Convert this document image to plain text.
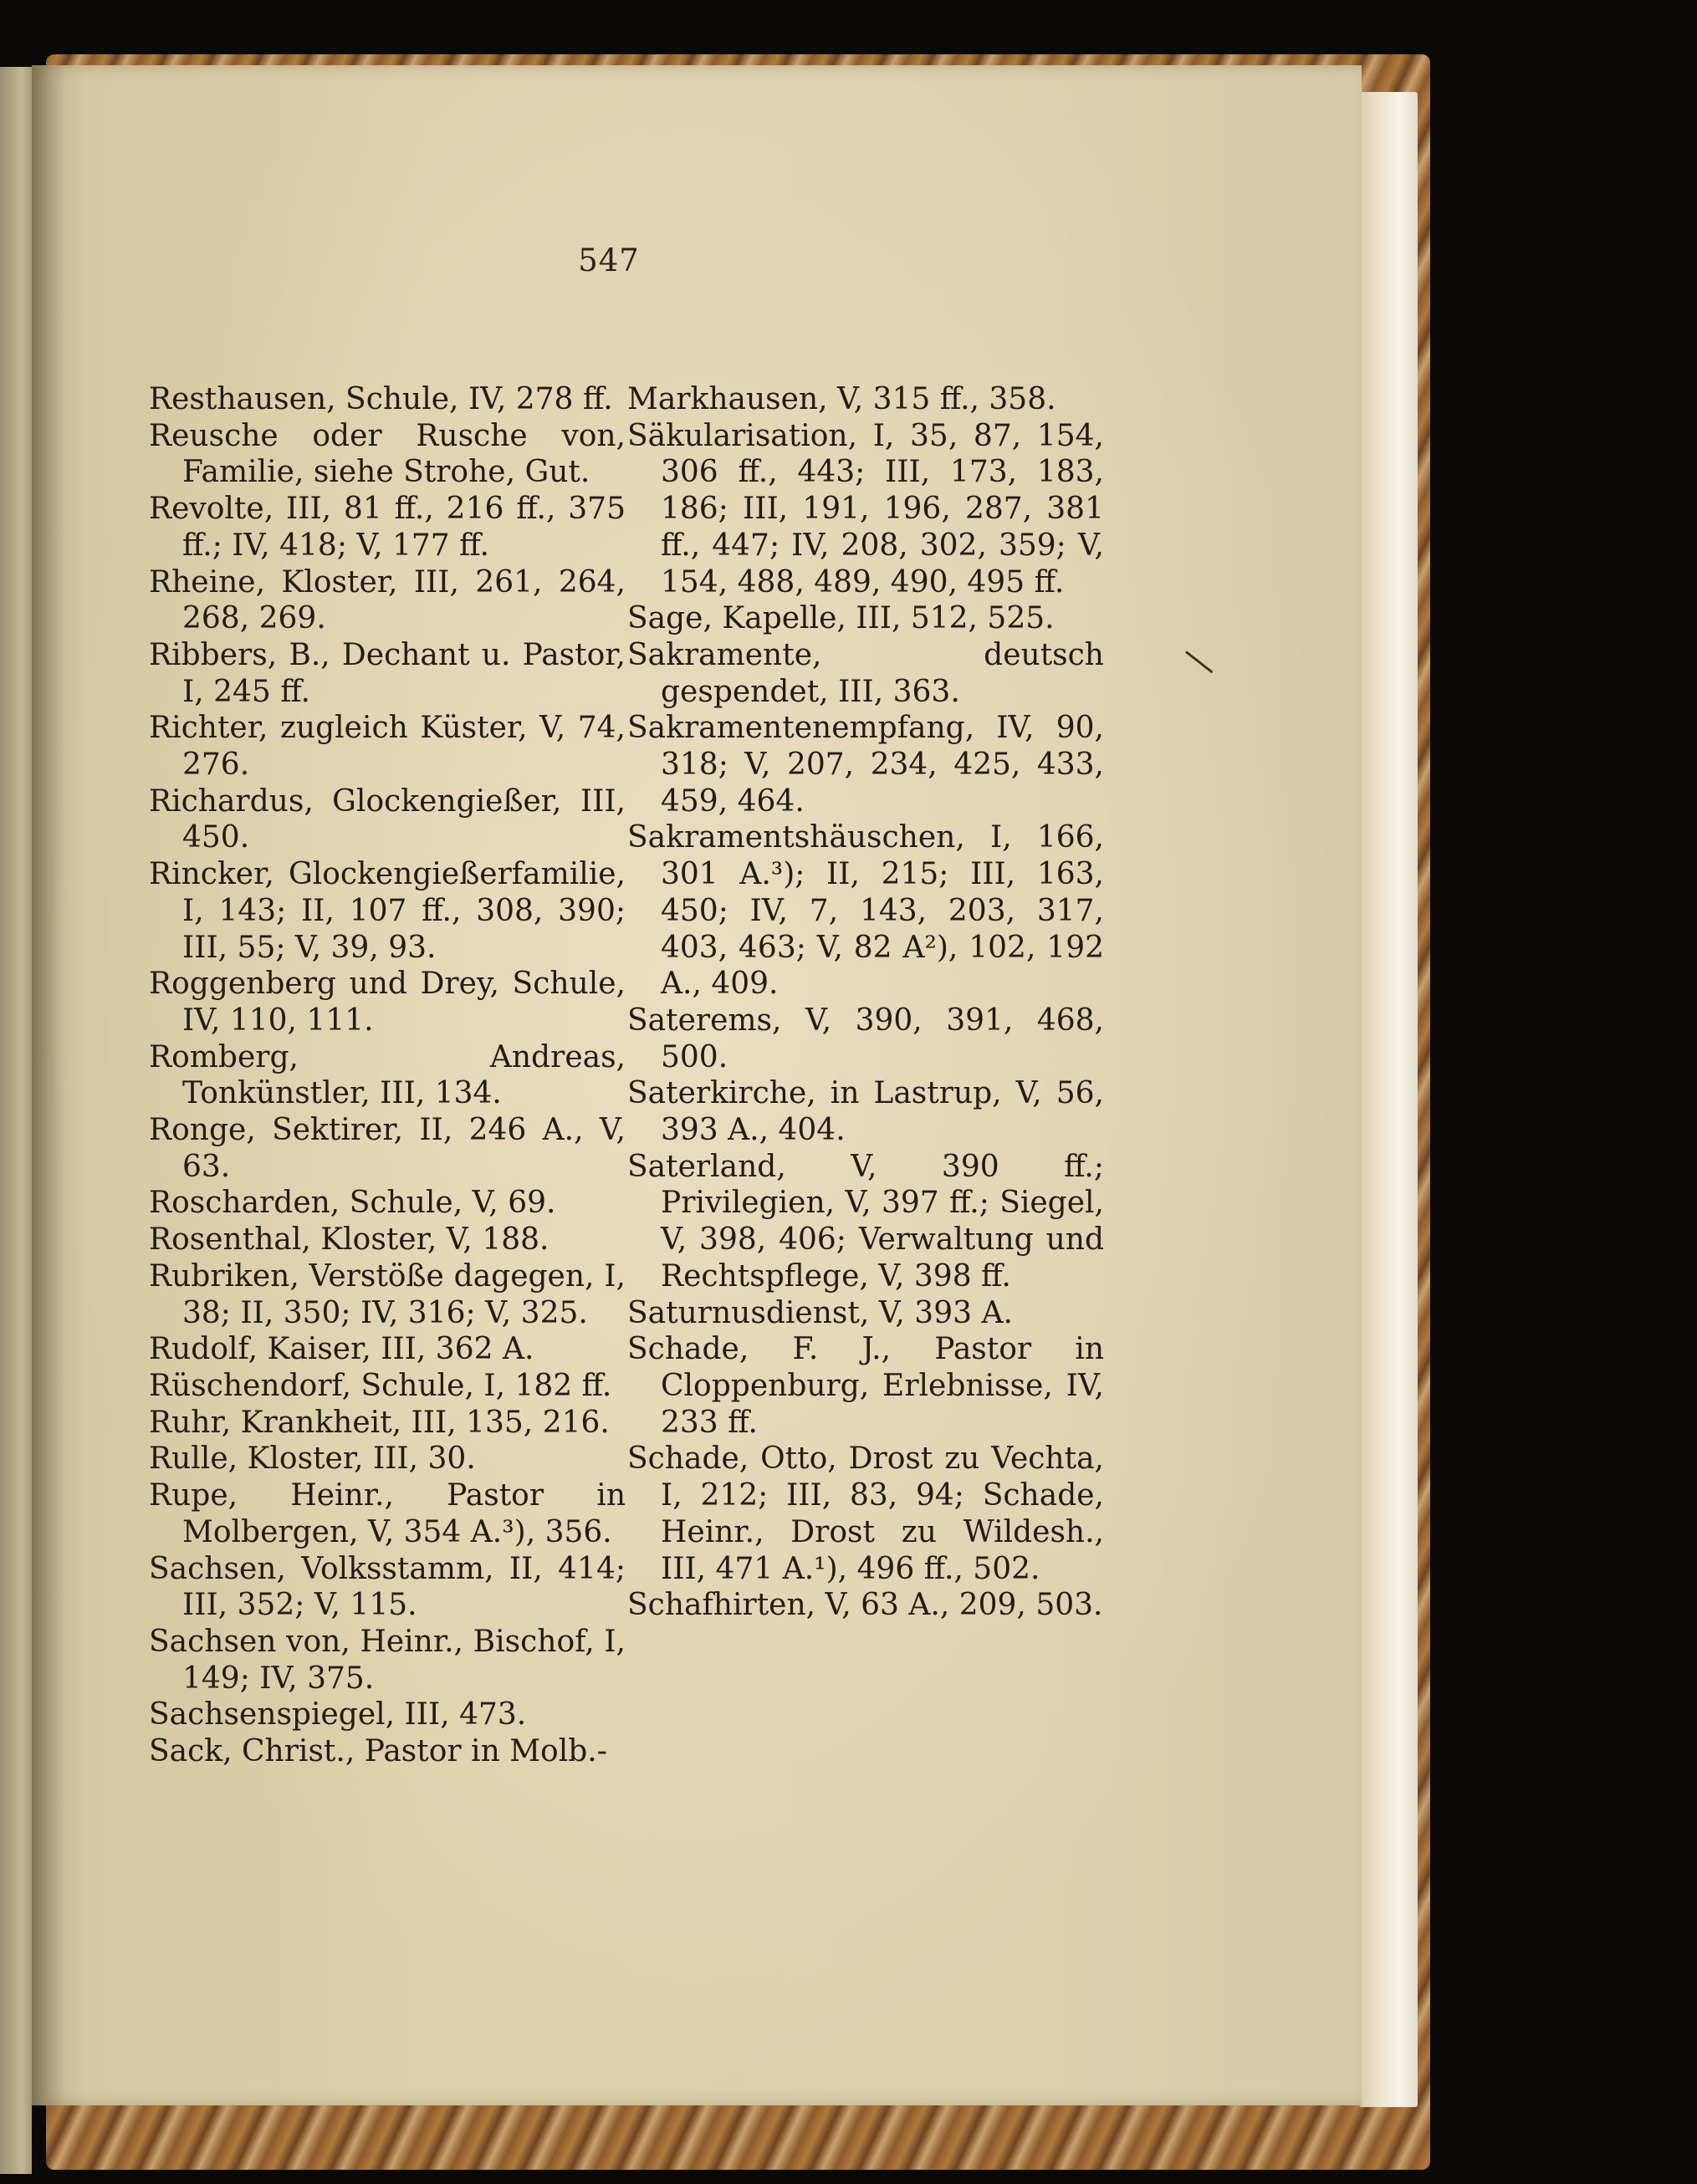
547
Resthausen, Schule, IV, 278 ff.
Reusche oder Rusche von, Familie, siehe Strohe, Gut.
Revolte, III, 81 ff., 216 ff., 375 ff.; IV, 418; V, 177 ff.
Rheine, Kloster, III, 261, 264, 268, 269.
Ribbers, B., Dechant u. Pastor, I, 245 ff.
Richter, zugleich Küster, V, 74, 276.
Richardus, Glockengießer, III, 450.
Rincker, Glockengießerfamilie, I, 143; II, 107 ff., 308, 390; III, 55; V, 39, 93.
Roggenberg und Drey, Schule, IV, 110, 111.
Romberg, Andreas, Tonkünstler, III, 134.
Ronge, Sektirer, II, 246 A., V, 63.
Roscharden, Schule, V, 69.
Rosenthal, Kloster, V, 188.
Rubriken, Verstöße dagegen, I, 38; II, 350; IV, 316; V, 325.
Rudolf, Kaiser, III, 362 A.
Rüschendorf, Schule, I, 182 ff.
Ruhr, Krankheit, III, 135, 216.
Rulle, Kloster, III, 30.
Rupe, Heinr., Pastor in Molbergen, V, 354 A.³), 356.
Sachsen, Volksstamm, II, 414; III, 352; V, 115.
Sachsen von, Heinr., Bischof, I, 149; IV, 375.
Sachsenspiegel, III, 473.
Sack, Christ., Pastor in Molb.-
Markhausen, V, 315 ff., 358.
Säkularisation, I, 35, 87, 154, 306 ff., 443; III, 173, 183, 186; III, 191, 196, 287, 381 ff., 447; IV, 208, 302, 359; V, 154, 488, 489, 490, 495 ff.
Sage, Kapelle, III, 512, 525.
Sakramente, deutsch gespendet, III, 363.
Sakramentenempfang, IV, 90, 318; V, 207, 234, 425, 433, 459, 464.
Sakramentshäuschen, I, 166, 301 A.³); II, 215; III, 163, 450; IV, 7, 143, 203, 317, 403, 463; V, 82 A²), 102, 192 A., 409.
Saterems, V, 390, 391, 468, 500.
Saterkirche, in Lastrup, V, 56, 393 A., 404.
Saterland, V, 390 ff.; Privilegien, V, 397 ff.; Siegel, V, 398, 406; Verwaltung und Rechtspflege, V, 398 ff.
Saturnusdienst, V, 393 A.
Schade, F. J., Pastor in Cloppenburg, Erlebnisse, IV, 233 ff.
Schade, Otto, Drost zu Vechta, I, 212; III, 83, 94; Schade, Heinr., Drost zu Wildesh., III, 471 A.¹), 496 ff., 502.
Schafhirten, V, 63 A., 209, 503.
